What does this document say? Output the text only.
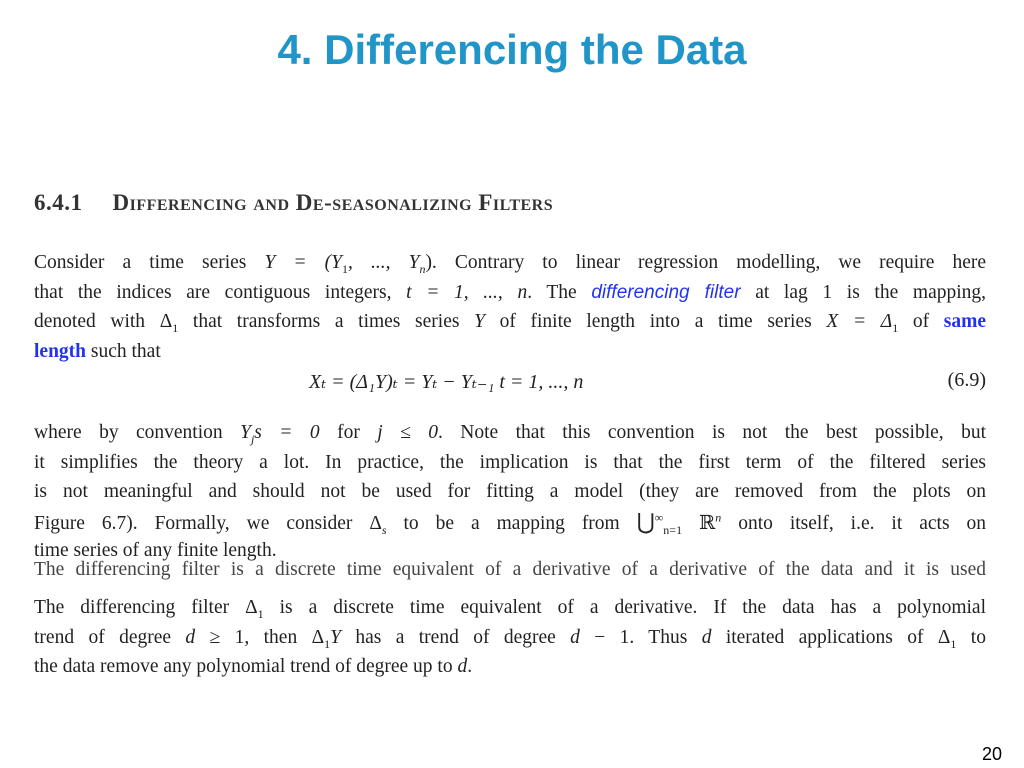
4. Differencing the Data
6.4.1 Differencing and De-seasonalizing Filters
Consider a time series $Y = (Y_1$, ..., $Y_n$). Contrary to linear regression modelling, we require here
that the indices are contiguous integers, t = 1, ..., n. The differencing filter at lag 1 is the mapping,
denoted with $\Delta_1$ that transforms a times series Y of finite length into a time series $X = \Delta_1$ of same
length such that
Xₜ = (Δ₁Y)ₜ = Yₜ − Yₜ₋₁ t = 1, ..., n	(6.9)
where by convention $Y_js = 0$ for j ≤ 0. Note that this convention is not the best possible, but
it simplifies the theory a lot. In practice, the implication is that the first term of the filtered series
is not meaningful and should not be used for fitting a model (they are removed from the plots on
Figure 6.7). Formally, we consider $\Delta_s$ to be a mapping from $⋃^\infty_{n=1}$ ℝ$^n$ onto itself, i.e. it acts on
time series of any finite length.
The differencing filter is a discrete time equivalent of a derivative of a derivative of the data and it is used
The differencing filter $\Delta_1$ is a discrete time equivalent of a derivative. If the data has a polynomial
trend of degree d ≥ 1, then $\Delta_1Y$ has a trend of degree d − 1. Thus d iterated applications of $\Delta_1$ to
the data remove any polynomial trend of degree up to d.
20
